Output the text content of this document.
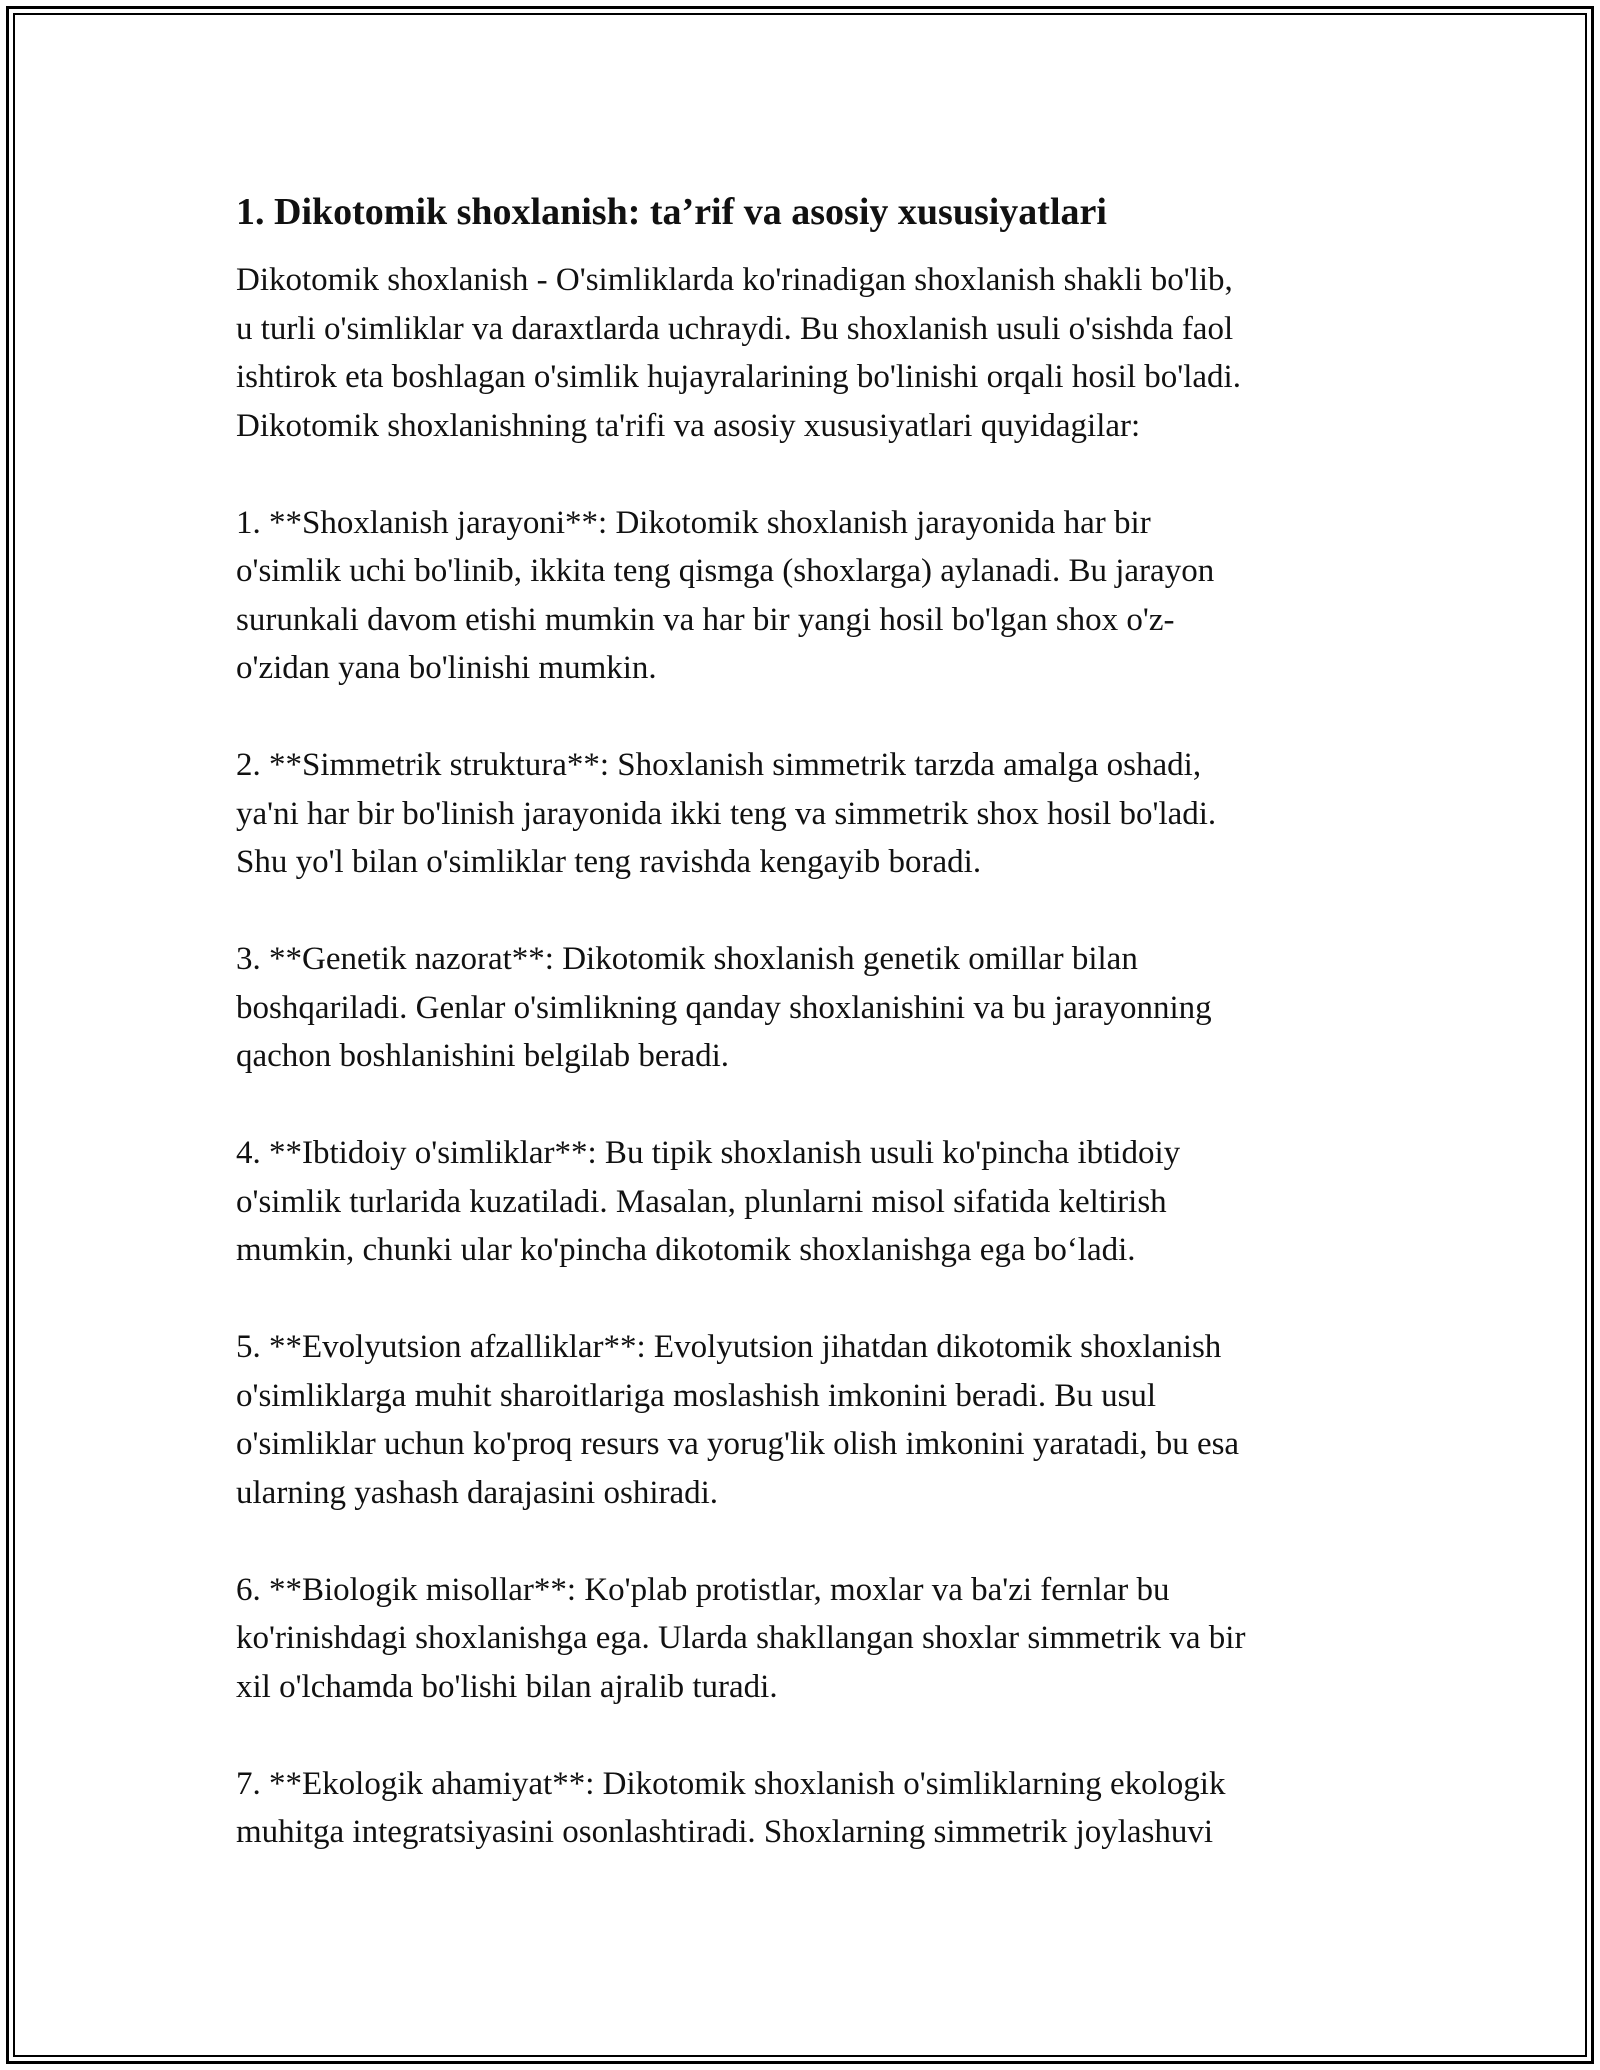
1. Dikotomik shoxlanish: ta’rif va asosiy xususiyatlari

Dikotomik shoxlanish - O'simliklarda ko'rinadigan shoxlanish shakli bo'lib,
u turli o'simliklar va daraxtlarda uchraydi. Bu shoxlanish usuli o'sishda faol
ishtirok eta boshlagan o'simlik hujayralarining bo'linishi orqali hosil bo'ladi.
Dikotomik shoxlanishning ta'rifi va asosiy xususiyatlari quyidagilar:

1. **Shoxlanish jarayoni**: Dikotomik shoxlanish jarayonida har bir
o'simlik uchi bo'linib, ikkita teng qismga (shoxlarga) aylanadi. Bu jarayon
surunkali davom etishi mumkin va har bir yangi hosil bo'lgan shox o'z-
o'zidan yana bo'linishi mumkin.

2. **Simmetrik struktura**: Shoxlanish simmetrik tarzda amalga oshadi,
ya'ni har bir bo'linish jarayonida ikki teng va simmetrik shox hosil bo'ladi.
Shu yo'l bilan o'simliklar teng ravishda kengayib boradi.

3. **Genetik nazorat**: Dikotomik shoxlanish genetik omillar bilan
boshqariladi. Genlar o'simlikning qanday shoxlanishini va bu jarayonning
qachon boshlanishini belgilab beradi.

4. **Ibtidoiy o'simliklar**: Bu tipik shoxlanish usuli ko'pincha ibtidoiy
o'simlik turlarida kuzatiladi. Masalan, plunlarni misol sifatida keltirish
mumkin, chunki ular ko'pincha dikotomik shoxlanishga ega bo‘ladi.

5. **Evolyutsion afzalliklar**: Evolyutsion jihatdan dikotomik shoxlanish
o'simliklarga muhit sharoitlariga moslashish imkonini beradi. Bu usul
o'simliklar uchun ko'proq resurs va yorug'lik olish imkonini yaratadi, bu esa
ularning yashash darajasini oshiradi.

6. **Biologik misollar**: Ko'plab protistlar, moxlar va ba'zi fernlar bu
ko'rinishdagi shoxlanishga ega. Ularda shakllangan shoxlar simmetrik va bir
xil o'lchamda bo'lishi bilan ajralib turadi.

7. **Ekologik ahamiyat**: Dikotomik shoxlanish o'simliklarning ekologik
muhitga integratsiyasini osonlashtiradi. Shoxlarning simmetrik joylashuvi
